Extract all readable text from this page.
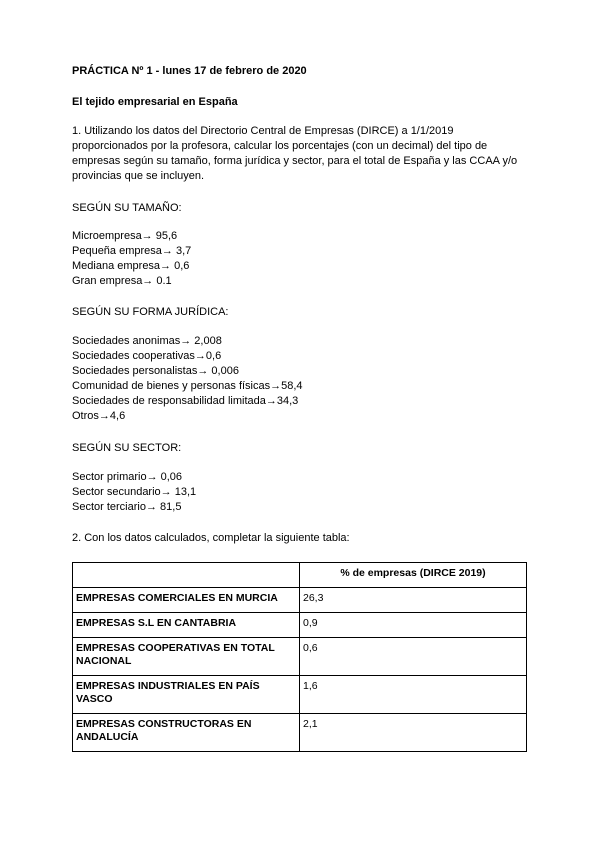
PRÁCTICA Nº 1 - lunes 17 de febrero de 2020
El tejido empresarial en España
1. Utilizando los datos del Directorio Central de Empresas (DIRCE) a 1/1/2019 proporcionados por la profesora, calcular los porcentajes (con un decimal) del tipo de empresas según su tamaño, forma jurídica y sector, para el total de España y las CCAA y/o provincias que se incluyen.
SEGÚN SU TAMAÑO:
Microempresa→ 95,6
Pequeña empresa→ 3,7
Mediana empresa→ 0,6
Gran empresa→ 0.1
SEGÚN SU FORMA JURÍDICA:
Sociedades anonimas→ 2,008
Sociedades cooperativas→0,6
Sociedades personalistas→ 0,006
Comunidad de bienes y personas físicas→58,4
Sociedades de responsabilidad limitada→34,3
Otros→4,6
SEGÚN SU SECTOR:
Sector primario→ 0,06
Sector secundario→ 13,1
Sector terciario→ 81,5
2. Con los datos calculados, completar la siguiente tabla:
	% de empresas (DIRCE 2019)
EMPRESAS COMERCIALES EN MURCIA	26,3
EMPRESAS S.L EN CANTABRIA	0,9
EMPRESAS COOPERATIVAS EN TOTAL NACIONAL	0,6
EMPRESAS INDUSTRIALES EN PAÍS VASCO	1,6
EMPRESAS CONSTRUCTORAS EN ANDALUCÍA	2,1
